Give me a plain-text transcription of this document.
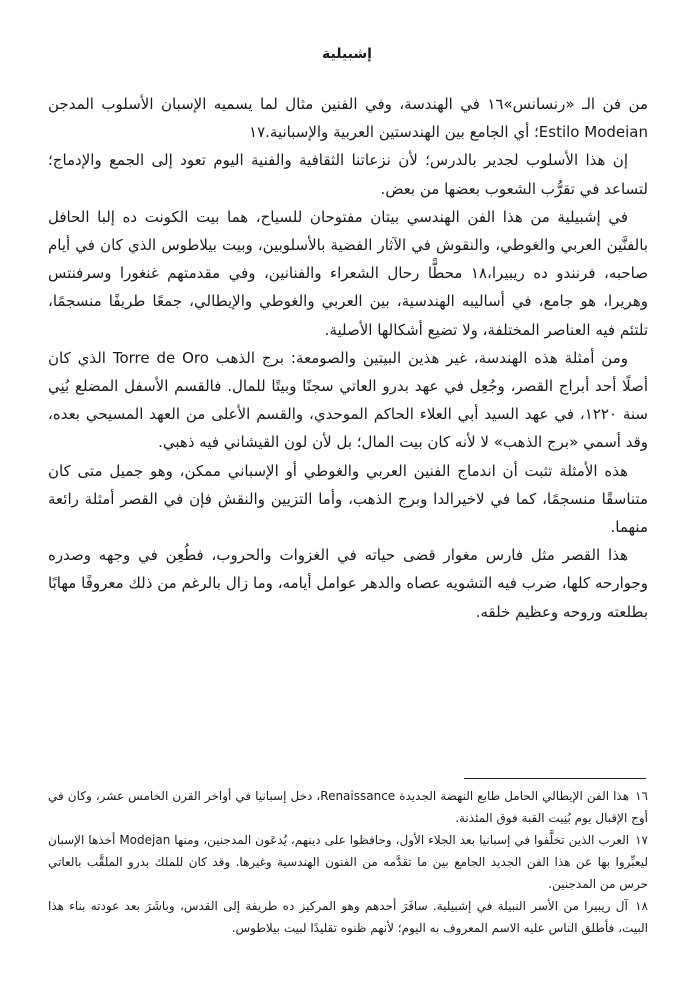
إشبيلية

من فن الـ «رنسانس»١٦ في الهندسة، وفي الفنين مثال لما يسميه الإسبان الأسلوب المدجن Estilo Modeian؛ أي الجامع بين الهندستين العربية والإسبانية.١٧

إن هذا الأسلوب لجدير بالدرس؛ لأن نزعاتنا الثقافية والفنية اليوم تعود إلى الجمع والإدماج؛ لتساعد في تقرُّب الشعوب بعضها من بعض.

في إشبيلية من هذا الفن الهندسي بيتان مفتوحان للسياح، هما بيت الكونت ده إلبا الحافل بالفنَّين العربي والغوطي، والنقوش في الآثار الفضية بالأسلوبين، وبيت بيلاطوس الذي كان في أيام صاحبه، فرنندو ده ريبيرا،١٨ محطًّا رحال الشعراء والفنانين، وفي مقدمتهم غنغورا وسرفنتس وهريرا، هو جامع، في أساليبه الهندسية، بين العربي والغوطي والإيطالي، جمعًا طريفًا منسجمًا، تلتئم فيه العناصر المختلفة، ولا تضيع أشكالها الأصلية.

ومن أمثلة هذه الهندسة، غير هذين البيتين والصومعة: برج الذهب Torre de Oro الذي كان أصلًا أحد أبراج القصر، وجُعِل في عهد بدرو العاتي سجنًا وبيتًا للمال. فالقسم الأسفل المضلع بُنِي سنة ١٢٢٠، في عهد السيد أبي العلاء الحاكم الموحدي، والقسم الأعلى من العهد المسيحي بعده، وقد أسمي «برج الذهب» لا لأنه كان بيت المال؛ بل لأن لون القيشاني فيه ذهبي.

هذه الأمثلة تثبت أن اندماج الفنين العربي والغوطي أو الإسباني ممكن، وهو جميل متى كان متناسقًا منسجمًا، كما في لاخيرالدا وبرج الذهب، وأما التزيين والنقش فإن في القصر أمثلة رائعة منهما.

هذا القصر مثل فارس مغوار قضى حياته في الغزوات والحروب، فطُعِن في وجهه وصدره وجوارحه كلها، ضرب فيه التشويه عصاه والدهر عوامل أيامه، وما زال بالرغم من ذلك معروفًا مهابًا بطلعته وروحه وعظيم خلقه.

١٦ هذا الفن الإيطالي الحامل طابع النهضة الجديدة Renaissance، دخل إسبانيا في أواخر القرن الخامس عشر، وكان في أوج الإقبال يوم بُنِيت القبة فوق المئذنة.

١٧ العرب الذين تخلَّفوا في إسبانيا بعد الجلاء الأول، وحافظوا على دينهم، يُدعَون المدجنين، ومنها Modejan أخذها الإسبان ليعبِّروا بها عن هذا الفن الجديد الجامع بين ما تقدَّمه من الفنون الهندسية وغيرها. وقد كان للملك بدرو الملقَّب بالعاتي حرس من المدجنين.

١٨ آل ريبيرا من الأسر النبيلة في إشبيلية. سافَرَ أحدهم وهو المركيز ده طريفة إلى القدس، وباشَرَ بعد عودته بناء هذا البيت، فأطلق الناس عليه الاسم المعروف به اليوم؛ لأنهم ظنوه تقليدًا لبيت بيلاطوس.
